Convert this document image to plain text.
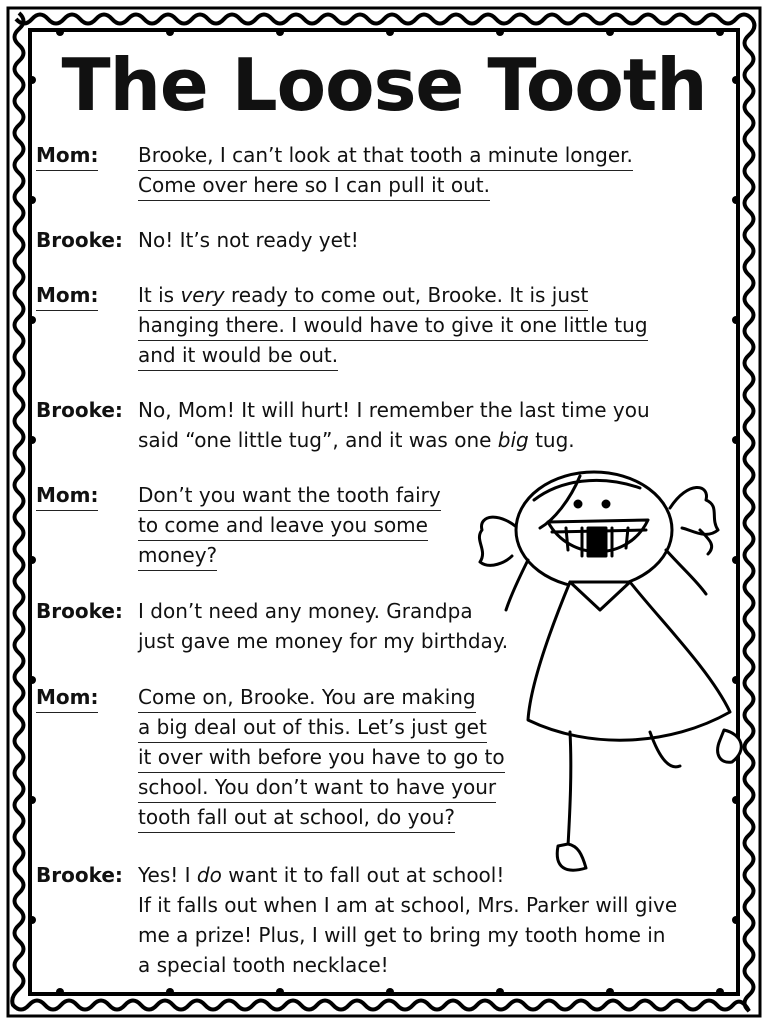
The Loose Tooth
Mom: Brooke, I can’t look at that tooth a minute longer.
Come over here so I can pull it out.
Brooke: No! It’s not ready yet!
Mom: It is very ready to come out, Brooke. It is just
hanging there. I would have to give it one little tug
and it would be out.
Brooke: No, Mom! It will hurt! I remember the last time you
said “one little tug”, and it was one big tug.
Mom: Don’t you want the tooth fairy
to come and leave you some
money?
Brooke: I don’t need any money. Grandpa
just gave me money for my birthday.
Mom: Come on, Brooke. You are making
a big deal out of this. Let’s just get
it over with before you have to go to
school. You don’t want to have your
tooth fall out at school, do you?
Brooke: Yes! I do want it to fall out at school!
If it falls out when I am at school, Mrs. Parker will give
me a prize! Plus, I will get to bring my tooth home in
a special tooth necklace!
